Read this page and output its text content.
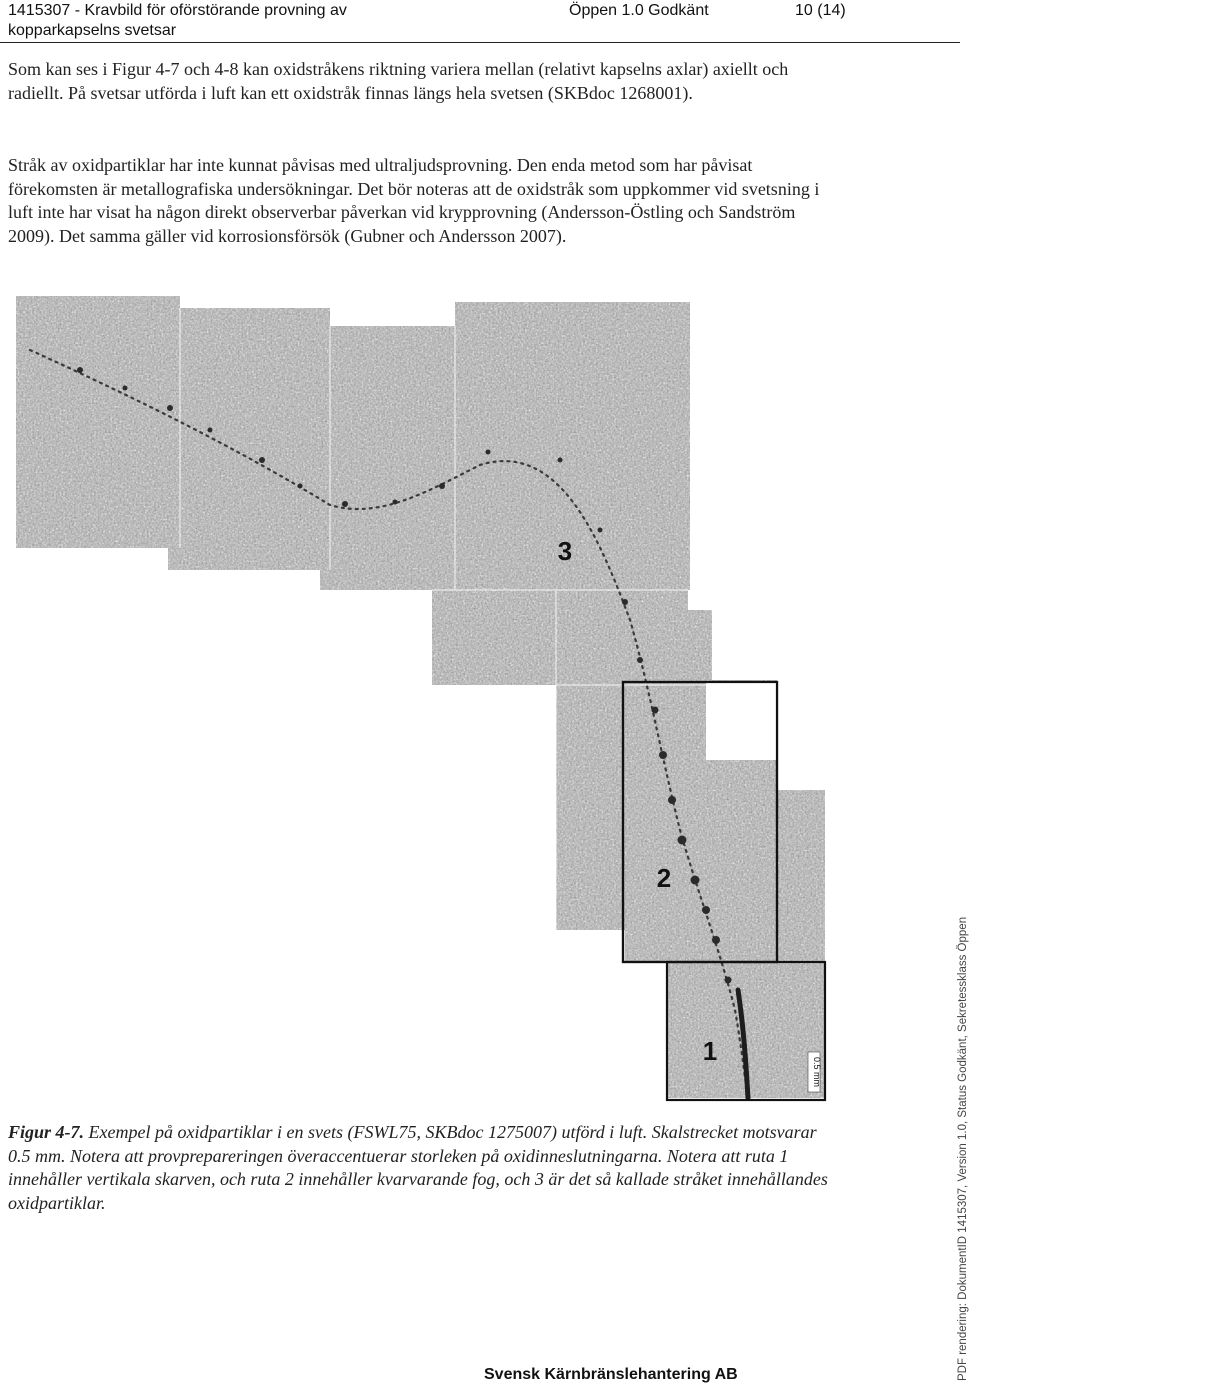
1415307 - Kravbild för oförstörande provning av
kopparkapselns svetsar
Öppen 1.0 Godkänt	10 (14)

Som kan ses i Figur 4-7 och 4-8 kan oxidstråkens riktning variera mellan (relativt kapselns axlar) axiellt och radiellt. På svetsar utförda i luft kan ett oxidstråk finnas längs hela svetsen (SKBdoc 1268001).

Stråk av oxidpartiklar har inte kunnat påvisas med ultraljudsprovning. Den enda metod som har påvisat förekomsten är metallografiska undersökningar. Det bör noteras att de oxidstråk som uppkommer vid svetsning i luft inte har visat ha någon direkt observerbar påverkan vid krypprovning (Andersson-Östling och Sandström 2009). Det samma gäller vid korrosionsförsök (Gubner och Andersson 2007).

0.5 mm
3
2
1
Figur 4-7. Exempel på oxidpartiklar i en svets (FSWL75, SKBdoc 1275007) utförd i luft. Skalstrecket motsvarar 0.5 mm. Notera att provprepareringen överaccentuerar storleken på oxidinneslutningarna. Notera att ruta 1 innehåller vertikala skarven, och ruta 2 innehåller kvarvarande fog, och 3 är det så kallade stråket innehållandes oxidpartiklar.
Svensk Kärnbränslehantering AB	PDF rendering: DokumentID 1415307, Version 1.0, Status Godkänt, Sekretessklass Öppen
